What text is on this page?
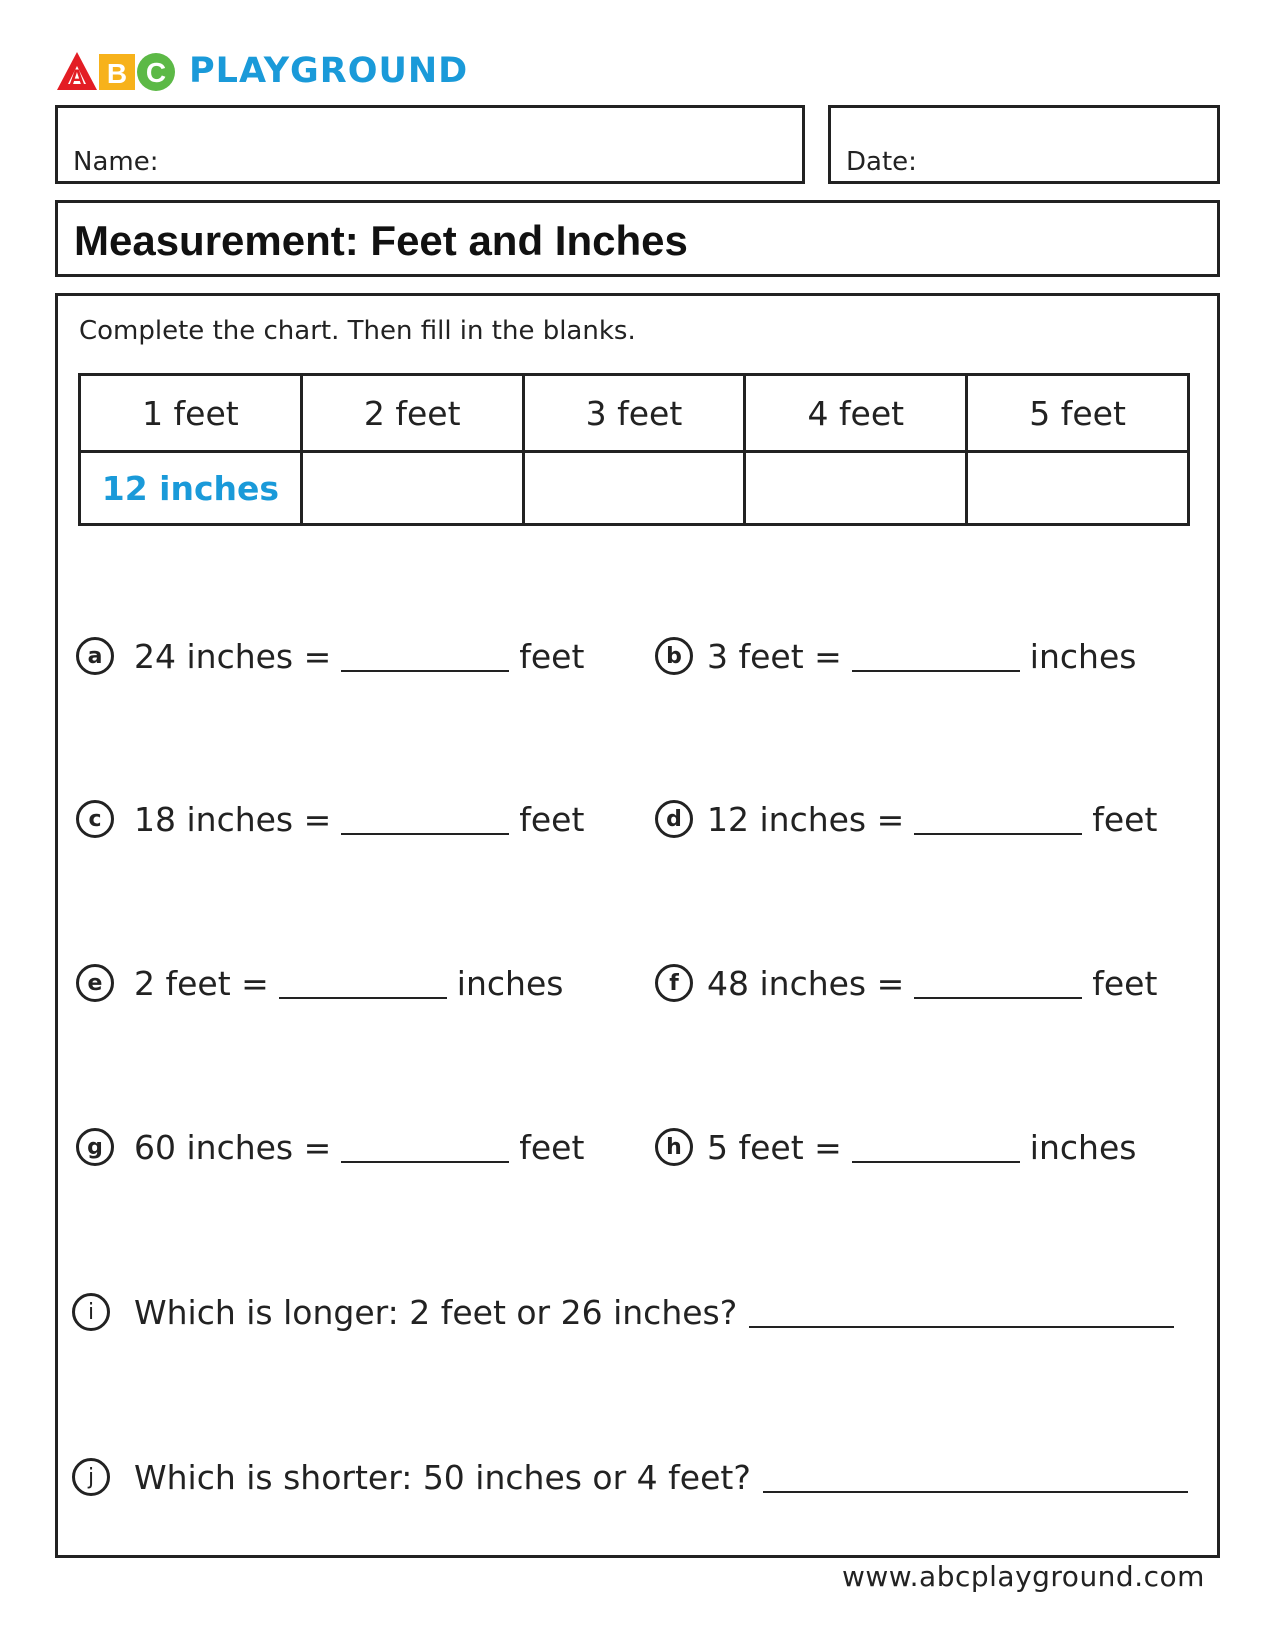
A B C PLAYGROUND
Name:	Date:
Measurement: Feet and Inches
Complete the chart. Then fill in the blanks.
1 feet	2 feet	3 feet	4 feet	5 feet
12 inches
a 24 inches =	feet	b 3 feet =	inches
c 18 inches =	feet	d 12 inches =	feet
e 2 feet =	inches	f 48 inches =	feet
g 60 inches =	feet	h 5 feet =	inches
i	Which is longer: 2 feet or 26 inches?
j	Which is shorter: 50 inches or 4 feet?
www.abcplayground.com
